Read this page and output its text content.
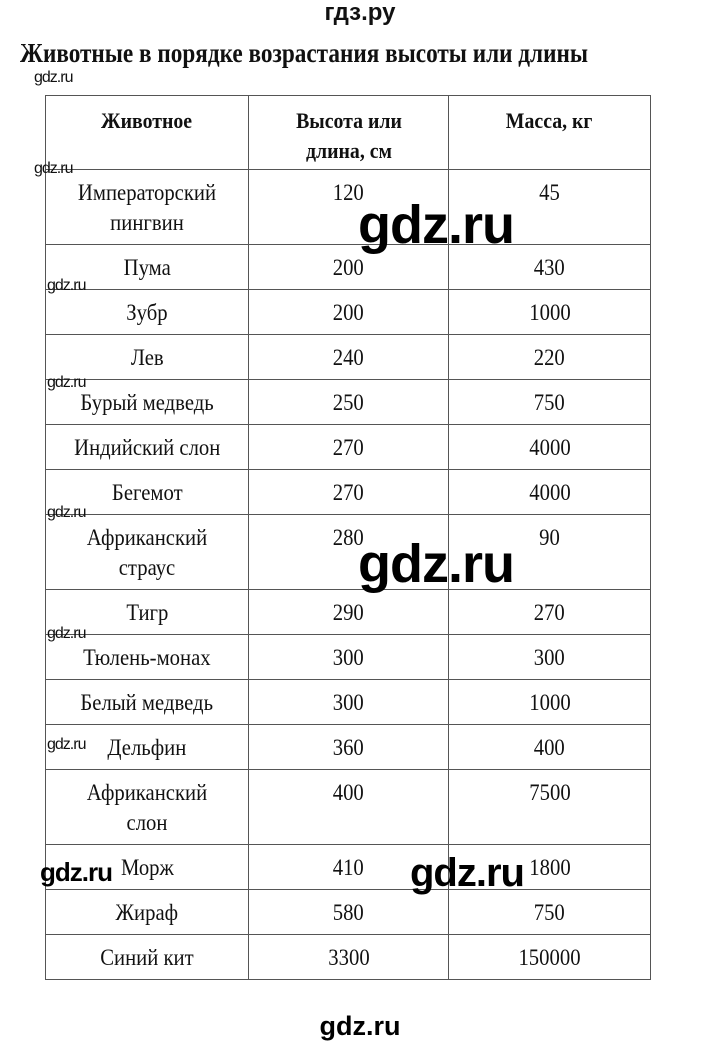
гдз.ру
Животные в порядке возрастания высоты или длины
Животное	Высота или длина, см	Масса, кг
Императорский пингвин	120	45
Пума	200	430
Зубр	200	1000
Лев	240	220
Бурый медведь	250	750
Индийский слон	270	4000
Бегемот	270	4000
Африканский страус	280	90
Тигр	290	270
Тюлень-монах	300	300
Белый медведь	300	1000
Дельфин	360	400
Африканский слон	400	7500
Морж	410	1800
Жираф	580	750
Синий кит	3300	150000
gdz.ru
gdz.ru
gdz.ru
gdz.ru
gdz.ru
gdz.ru
gdz.ru
gdz.ru
gdz.ru
gdz.ru
gdz.ru
gdz.ru
